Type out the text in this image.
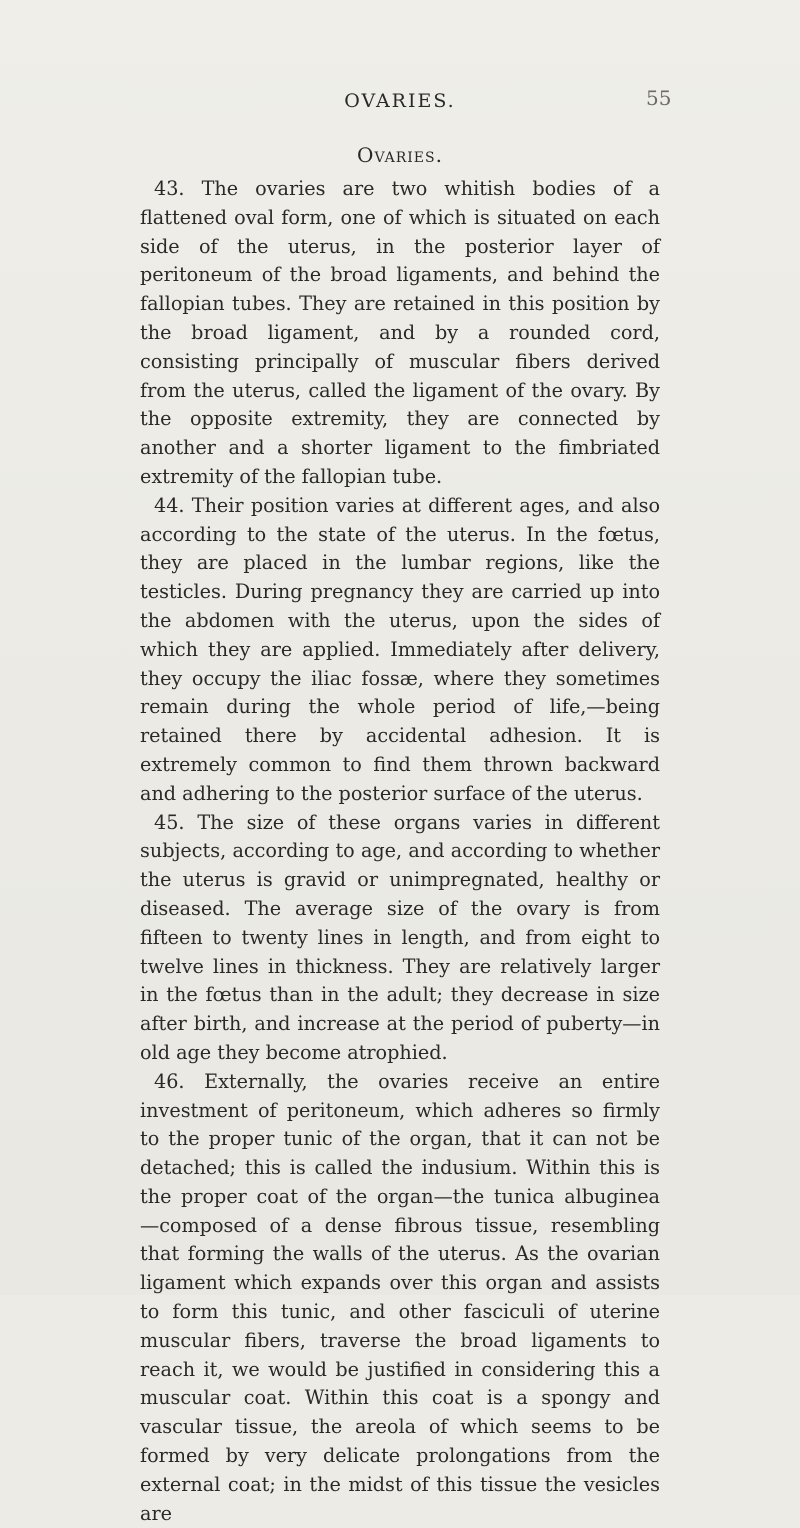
OVARIES.	55
Ovaries.

43. The ovaries are two whitish bodies of a flattened oval form, one of which is situated on each side of the uterus, in the posterior layer of peritoneum of the broad ligaments, and behind the fallopian tubes. They are retained in this position by the broad ligament, and by a rounded cord, consisting principally of muscular fibers derived from the uterus, called the ligament of the ovary. By the opposite extremity, they are connected by another and a shorter ligament to the fimbriated extremity of the fallopian tube.

44. Their position varies at different ages, and also according to the state of the uterus. In the fœtus, they are placed in the lumbar regions, like the testicles. During pregnancy they are carried up into the abdomen with the uterus, upon the sides of which they are applied. Immediately after delivery, they occupy the iliac fossæ, where they sometimes remain during the whole period of life,—being retained there by accidental adhesion. It is extremely common to find them thrown backward and adhering to the posterior surface of the uterus.

45. The size of these organs varies in different subjects, according to age, and according to whether the uterus is gravid or unimpregnated, healthy or diseased. The average size of the ovary is from fifteen to twenty lines in length, and from eight to twelve lines in thickness. They are relatively larger in the fœtus than in the adult; they decrease in size after birth, and increase at the period of puberty—in old age they become atrophied.

46. Externally, the ovaries receive an entire investment of peritoneum, which adheres so firmly to the proper tunic of the organ, that it can not be detached; this is called the indusium. Within this is the proper coat of the organ—the tunica albuginea —composed of a dense fibrous tissue, resembling that forming the walls of the uterus. As the ovarian ligament which expands over this organ and assists to form this tunic, and other fasciculi of uterine muscular fibers, traverse the broad ligaments to reach it, we would be justified in considering this a muscular coat. Within this coat is a spongy and vascular tissue, the areola of which seems to be formed by very delicate prolongations from the external coat; in the midst of this tissue the vesicles are
